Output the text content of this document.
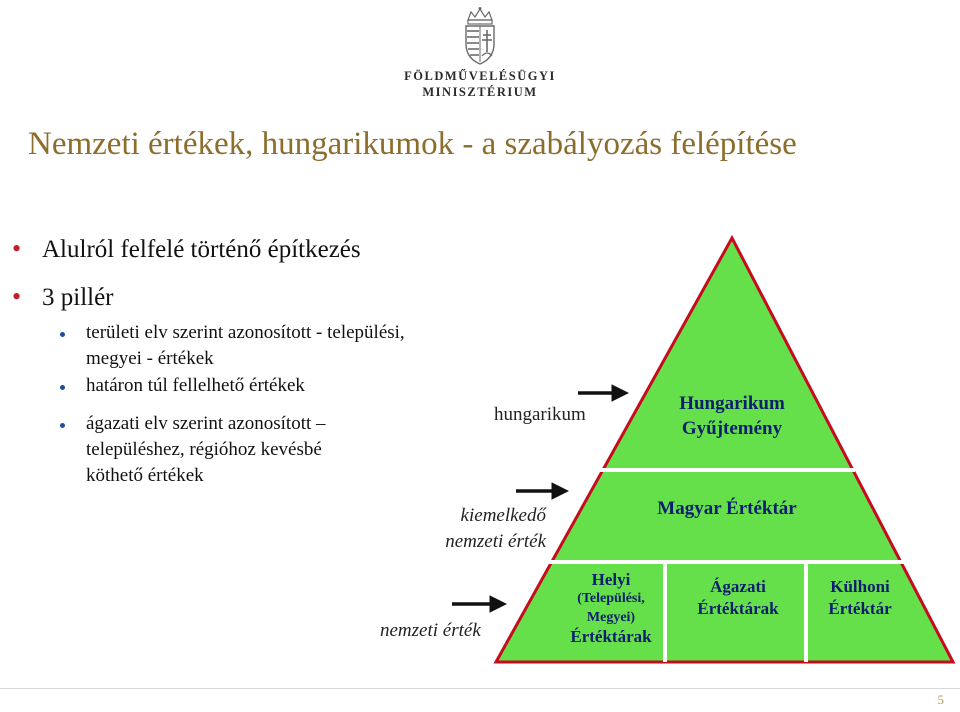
FÖLDMŰVELÉSÜGYI
MINISZTÉRIUM
Nemzeti értékek, hungarikumok - a szabályozás felépítése
• Alulról felfelé történő építkezés
• 3 pillér
területi elv szerint azonosított - települési,
megyei - értékek
határon túl fellelhető értékek
ágazati elv szerint azonosított –
településhez, régióhoz kevésbé
köthető értékek
hungarikum
kiemelkedő
nemzeti érték
nemzeti érték
Hungarikum
Gyűjtemény
Magyar Értéktár
Helyi
(Települési,
Megyei)
Értéktárak
Ágazati
Értéktárak
Külhoni
Értéktár
5
